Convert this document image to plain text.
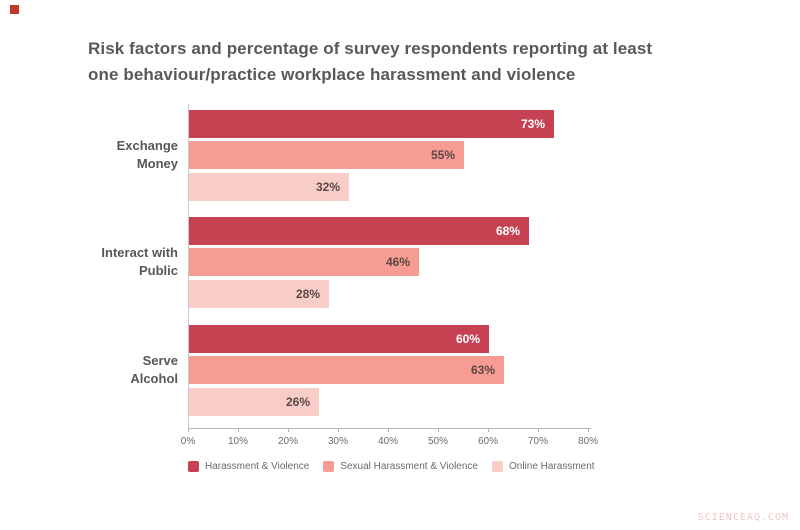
Risk factors and percentage of survey respondents reporting at least
one behaviour/practice workplace harassment and violence
0%	10%	20%	30%	40%	50%	60%	70%	80%
Exchange
Money
73%
55%
32%
Interact with
Public
68%
46%
28%
Serve
Alcohol
60%
63%
26%
Harassment & Violence	Sexual Harassment & Violence	Online Harassment
SCIENCEAQ.COM
